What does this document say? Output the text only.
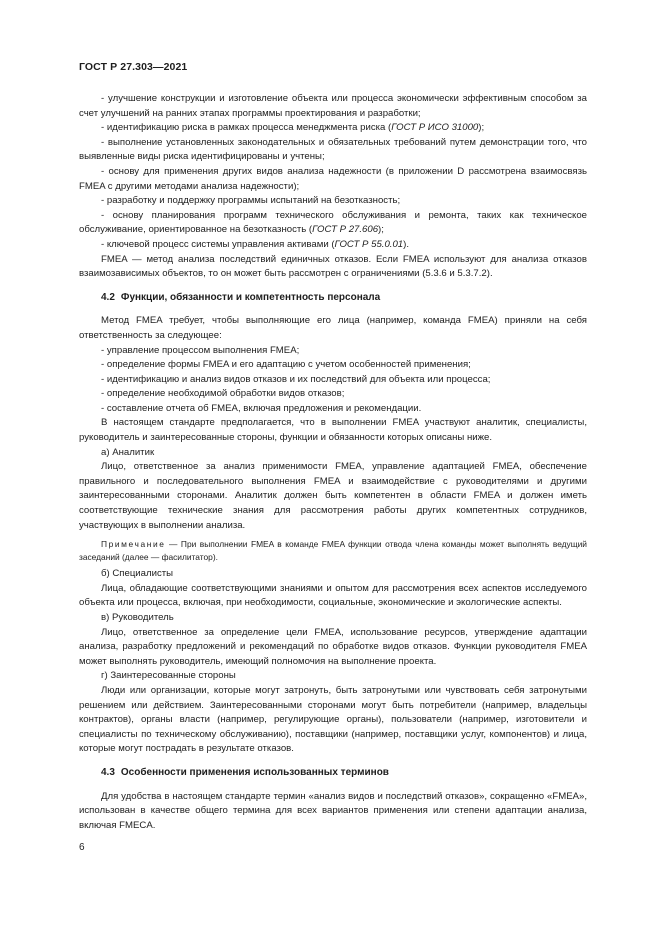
ГОСТ Р 27.303—2021

- улучшение конструкции и изготовление объекта или процесса экономически эффективным способом за счет улучшений на ранних этапах программы проектирования и разработки;

- идентификацию риска в рамках процесса менеджмента риска (ГОСТ Р ИСО 31000);

- выполнение установленных законодательных и обязательных требований путем демонстрации того, что выявленные виды риска идентифицированы и учтены;

- основу для применения других видов анализа надежности (в приложении D рассмотрена взаимосвязь FMEA с другими методами анализа надежности);

- разработку и поддержку программы испытаний на безотказность;

- основу планирования программ технического обслуживания и ремонта, таких как техническое обслуживание, ориентированное на безотказность (ГОСТ Р 27.606);

- ключевой процесс системы управления активами (ГОСТ Р 55.0.01).

FMEA — метод анализа последствий единичных отказов. Если FMEA используют для анализа отказов взаимозависимых объектов, то он может быть рассмотрен с ограничениями (5.3.6 и 5.3.7.2).

4.2 Функции, обязанности и компетентность персонала

Метод FMEA требует, чтобы выполняющие его лица (например, команда FMEA) приняли на себя ответственность за следующее:

- управление процессом выполнения FMEA;

- определение формы FMEA и его адаптацию с учетом особенностей применения;

- идентификацию и анализ видов отказов и их последствий для объекта или процесса;

- определение необходимой обработки видов отказов;

- составление отчета об FMEA, включая предложения и рекомендации.

В настоящем стандарте предполагается, что в выполнении FMEA участвуют аналитик, специалисты, руководитель и заинтересованные стороны, функции и обязанности которых описаны ниже.

а) Аналитик

Лицо, ответственное за анализ применимости FMEA, управление адаптацией FMEA, обеспечение правильного и последовательного выполнения FMEA и взаимодействие с руководителями и другими заинтересованными сторонами. Аналитик должен быть компетентен в области FMEA и должен иметь соответствующие технические знания для рассмотрения работы других компетентных сотрудников, участвующих в выполнении анализа.

Примечание — При выполнении FMEA в команде FMEA функции отвода члена команды может выполнять ведущий заседаний (далее — фасилитатор).

б) Специалисты

Лица, обладающие соответствующими знаниями и опытом для рассмотрения всех аспектов исследуемого объекта или процесса, включая, при необходимости, социальные, экономические и экологические аспекты.

в) Руководитель

Лицо, ответственное за определение цели FMEA, использование ресурсов, утверждение адаптации анализа, разработку предложений и рекомендаций по обработке видов отказов. Функции руководителя FMEA может выполнять руководитель, имеющий полномочия на выполнение проекта.

г) Заинтересованные стороны

Люди или организации, которые могут затронуть, быть затронутыми или чувствовать себя затронутыми решением или действием. Заинтересованными сторонами могут быть потребители (например, владельцы контрактов), органы власти (например, регулирующие органы), пользователи (например, изготовители и специалисты по техническому обслуживанию), поставщики (например, поставщики услуг, компонентов) и лица, которые могут пострадать в результате отказов.

4.3 Особенности применения использованных терминов

Для удобства в настоящем стандарте термин «анализ видов и последствий отказов», сокращенно «FMEA», использован в качестве общего термина для всех вариантов применения или степени адаптации анализа, включая FMECA.

6
